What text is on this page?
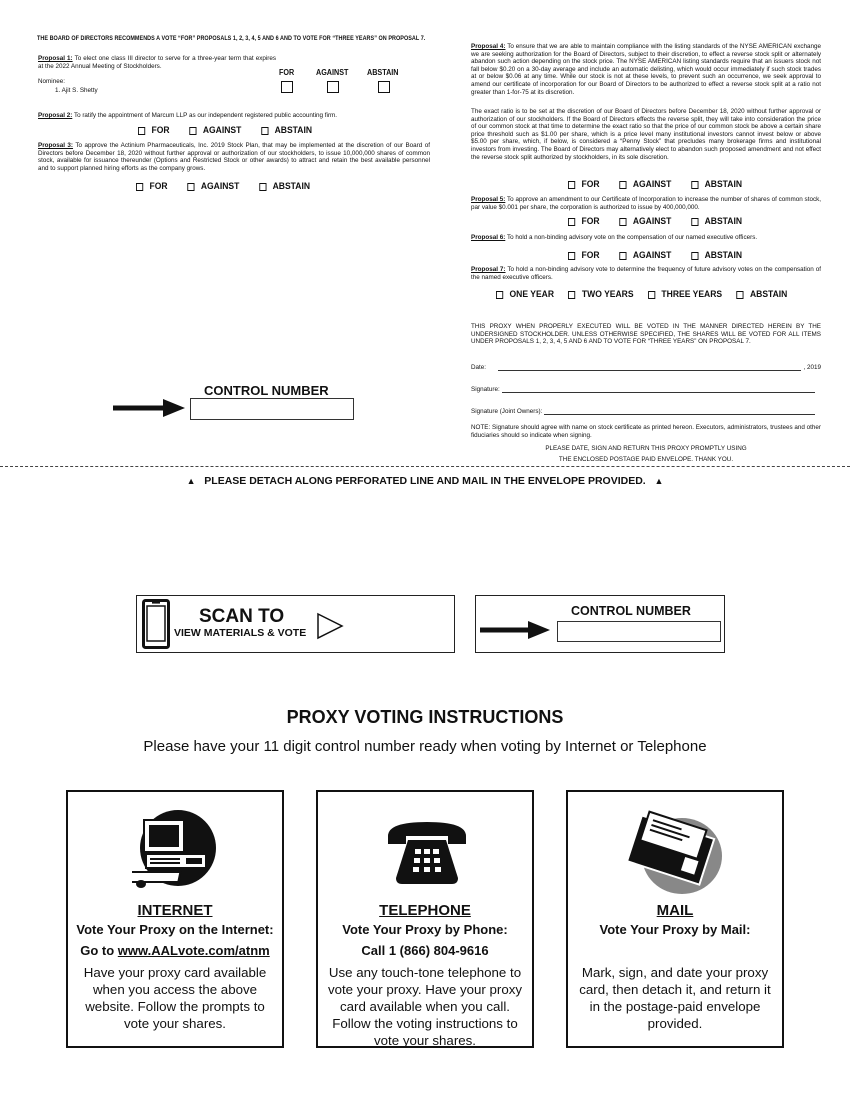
THE BOARD OF DIRECTORS RECOMMENDS A VOTE “FOR” PROPOSALS 1, 2, 3, 4, 5 AND 6 AND TO VOTE FOR “THREE YEARS” ON PROPOSAL 7.
Proposal 1: To elect one class III director to serve for a three-year term that expires at the 2022 Annual Meeting of Stockholders.
Nominee:
1. Ajit S. Shetty
FOR	AGAINST ABSTAIN
Proposal 2: To ratify the appointment of Marcum LLP as our independent registered public accounting firm.
FOR	AGAINST	ABSTAIN
Proposal 3: To approve the Actinium Pharmaceuticals, Inc. 2019 Stock Plan, that may be implemented at the discretion of our Board of Directors before December 18, 2020 without further approval or authorization of our stockholders, to issue 10,000,000 shares of common stock, available for issuance thereunder (Options and Restricted Stock or other awards) to attract and retain the best available personnel and to support planned hiring efforts as the company grows.
FOR	AGAINST	ABSTAIN
CONTROL NUMBER
Proposal 4: To ensure that we are able to maintain compliance with the listing standards of the NYSE AMERICAN exchange we are seeking authorization for the Board of Directors, subject to their discretion, to effect a reverse stock split or alternately abandon such action depending on the stock price. The NYSE AMERICAN listing standards require that an issuers stock not fall below $0.20 on a 30-day average and include an automatic delisting, which would occur immediately if such stock trades at or below $0.06 at any time. While our stock is not at these levels, to prevent such an occurrence, we seek approval to amend our certificate of incorporation for our Board of Directors to be authorized to effect a reverse stock split at a ratio not greater than 1-for-75 at its discretion.
The exact ratio is to be set at the discretion of our Board of Directors before December 18, 2020 without further approval or authorization of our stockholders. If the Board of Directors effects the reverse split, they will take into consideration the price of our common stock at that time to determine the exact ratio so that the price of our common stock be above a certain share price threshold such as $1.00 per share, which is a price level many institutional investors cannot invest below or above $5.00 per share, which, if below, is considered a “Penny Stock” that precludes many brokerage firms and institutional investors from investing. The Board of Directors may alternatively elect to abandon such proposed amendment and not effect the reverse stock split authorized by stockholders, in its sole discretion.
FOR	AGAINST	ABSTAIN
Proposal 5: To approve an amendment to our Certificate of Incorporation to increase the number of shares of common stock, par value $0.001 per share, the corporation is authorized to issue by 400,000,000.
FOR	AGAINST	ABSTAIN
Proposal 6: To hold a non-binding advisory vote on the compensation of our named executive officers.
FOR	AGAINST	ABSTAIN
Proposal 7: To hold a non-binding advisory vote to determine the frequency of future advisory votes on the compensation of the named executive officers.
ONE YEAR	TWO YEARS	THREE YEARS	ABSTAIN
THIS PROXY WHEN PROPERLY EXECUTED WILL BE VOTED IN THE MANNER DIRECTED HEREIN BY THE UNDERSIGNED STOCKHOLDER. UNLESS OTHERWISE SPECIFIED, THE SHARES WILL BE VOTED FOR ALL ITEMS UNDER PROPOSALS 1, 2, 3, 4, 5 AND 6 AND TO VOTE FOR “THREE YEARS” ON PROPOSAL 7.
Date:	, 2019
Signature:
Signature (Joint Owners):
NOTE: Signature should agree with name on stock certificate as printed hereon. Executors, administrators, trustees and other fiduciaries should so indicate when signing.
PLEASE DATE, SIGN AND RETURN THIS PROXY PROMPTLY USING
THE ENCLOSED POSTAGE PAID ENVELOPE. THANK YOU.
▲ PLEASE DETACH ALONG PERFORATED LINE AND MAIL IN THE ENVELOPE PROVIDED. ▲
SCAN TO
VIEW MATERIALS & VOTE
CONTROL NUMBER
PROXY VOTING INSTRUCTIONS
Please have your 11 digit control number ready when voting by Internet or Telephone
INTERNET
Vote Your Proxy on the Internet:
Go to www.AALvote.com/atnm
Have your proxy card available when you access the above website. Follow the prompts to vote your shares.
TELEPHONE
Vote Your Proxy by Phone:
Call 1 (866) 804-9616
Use any touch-tone telephone to vote your proxy. Have your proxy card available when you call. Follow the voting instructions to vote your shares.
MAIL
Vote Your Proxy by Mail:
Mark, sign, and date your proxy card, then detach it, and return it in the postage-paid envelope provided.
